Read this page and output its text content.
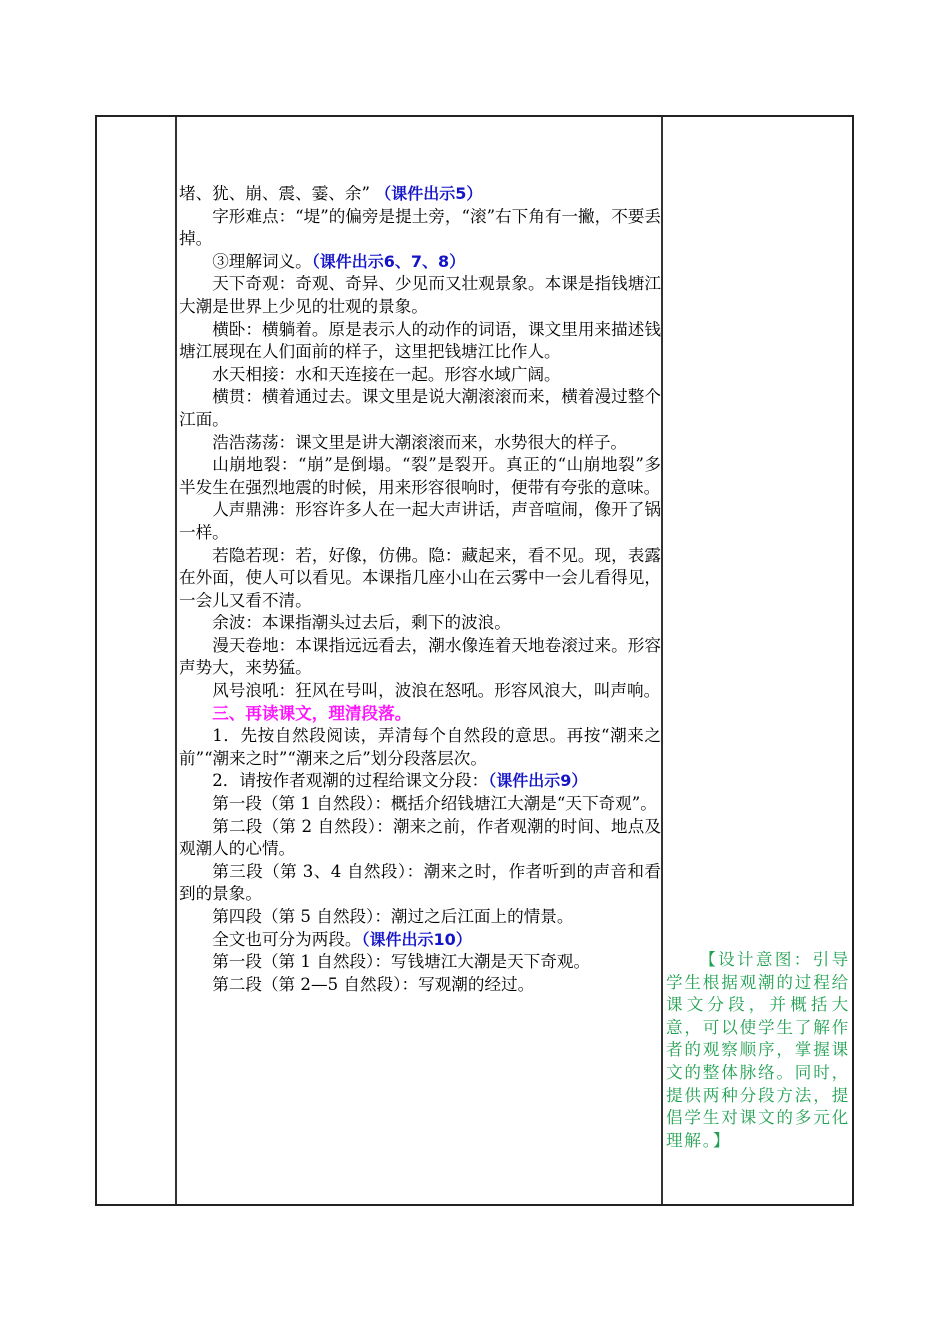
堵、犹、崩、震、霎、余” （课件出示5）

字形难点：“堤”的偏旁是提土旁，“滚”右下角有一撇，不要丢掉。

③理解词义。（课件出示6、7、8）

天下奇观：奇观、奇异、少见而又壮观景象。本课是指钱塘江大潮是世界上少见的壮观的景象。

横卧：横躺着。原是表示人的动作的词语，课文里用来描述钱塘江展现在人们面前的样子，这里把钱塘江比作人。

水天相接：水和天连接在一起。形容水域广阔。

横贯：横着通过去。课文里是说大潮滚滚而来，横着漫过整个江面。

浩浩荡荡：课文里是讲大潮滚滚而来，水势很大的样子。

山崩地裂：“崩”是倒塌。“裂”是裂开。真正的“山崩地裂”多半发生在强烈地震的时候，用来形容很响时，便带有夸张的意味。

人声鼎沸：形容许多人在一起大声讲话，声音喧闹，像开了锅一样。

若隐若现：若，好像，仿佛。隐：藏起来，看不见。现，表露在外面，使人可以看见。本课指几座小山在云雾中一会儿看得见，一会儿又看不清。

余波：本课指潮头过去后，剩下的波浪。

漫天卷地：本课指远远看去，潮水像连着天地卷滚过来。形容声势大，来势猛。

风号浪吼：狂风在号叫，波浪在怒吼。形容风浪大，叫声响。

三、再读课文，理清段落。

1．先按自然段阅读，弄清每个自然段的意思。再按“潮来之前”“潮来之时”“潮来之后”划分段落层次。

2．请按作者观潮的过程给课文分段：（课件出示9）

第一段（第 1 自然段）：概括介绍钱塘江大潮是“天下奇观”。

第二段（第 2 自然段）：潮来之前，作者观潮的时间、地点及观潮人的心情。

第三段（第 3、4 自然段）：潮来之时，作者听到的声音和看到的景象。

第四段（第 5 自然段）：潮过之后江面上的情景。

全文也可分为两段。（课件出示10）

第一段（第 1 自然段）：写钱塘江大潮是天下奇观。

第二段（第 2—5 自然段）：写观潮的经过。

【设计意图：引导学生根据观潮的过程给课文分段，并概括大意，可以使学生了解作者的观察顺序，掌握课文的整体脉络。同时，提供两种分段方法，提倡学生对课文的多元化理解。】
